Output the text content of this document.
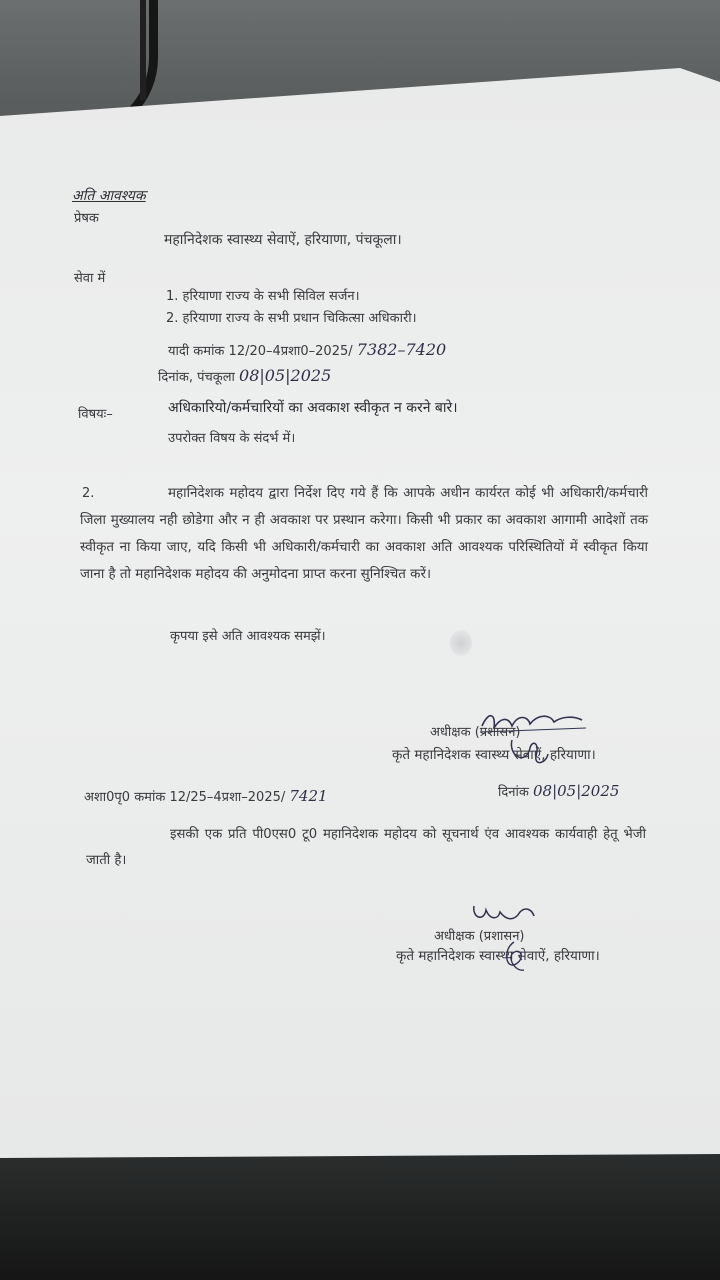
अति आवश्यक
प्रेषक
महानिदेशक स्वास्थ्य सेवाऐं, हरियाणा, पंचकूला।
सेवा में
1. हरियाणा राज्य के सभी सिविल सर्जन।
2. हरियाणा राज्य के सभी प्रधान चिकित्सा अधिकारी।
यादी कमांक 12/20–4प्रशा0–2025/ 7382–7420
दिनांक, पंचकूला 08|05|2025
विषयः–	अधिकारियो/कर्मचारियों का अवकाश स्वीकृत न करने बारे।
उपरोक्त विषय के संदर्भ में।
2.	महानिदेशक महोदय द्वारा निर्देश दिए गये हैं कि आपके अधीन कार्यरत कोई भी अधिकारी/कर्मचारी जिला मुख्यालय नही छोडेगा और न ही अवकाश पर प्रस्थान करेगा। किसी भी प्रकार का अवकाश आगामी आदेशों तक स्वीकृत ना किया जाए, यदि किसी भी अधिकारी/कर्मचारी का अवकाश अति आवश्यक परिस्थितियों में स्वीकृत किया जाना है तो महानिदेशक महोदय की अनुमोदना प्राप्त करना सुनिश्चित करें।
कृपया इसे अति आवश्यक समझें।
अधीक्षक (प्रशासन)
कृते महानिदेशक स्वास्थ्य सेवाऐं, हरियाणा।
अशा0पृ0 कमांक 12/25–4प्रशा–2025/ 7421	दिनांक 08|05|2025
इसकी एक प्रति पी0एस0 टू0 महानिदेशक महोदय को सूचनार्थ एंव आवश्यक कार्यवाही हेतू भेजी जाती है।
अधीक्षक (प्रशासन)
कृते महानिदेशक स्वास्थ्य सेवाऐं, हरियाणा।
